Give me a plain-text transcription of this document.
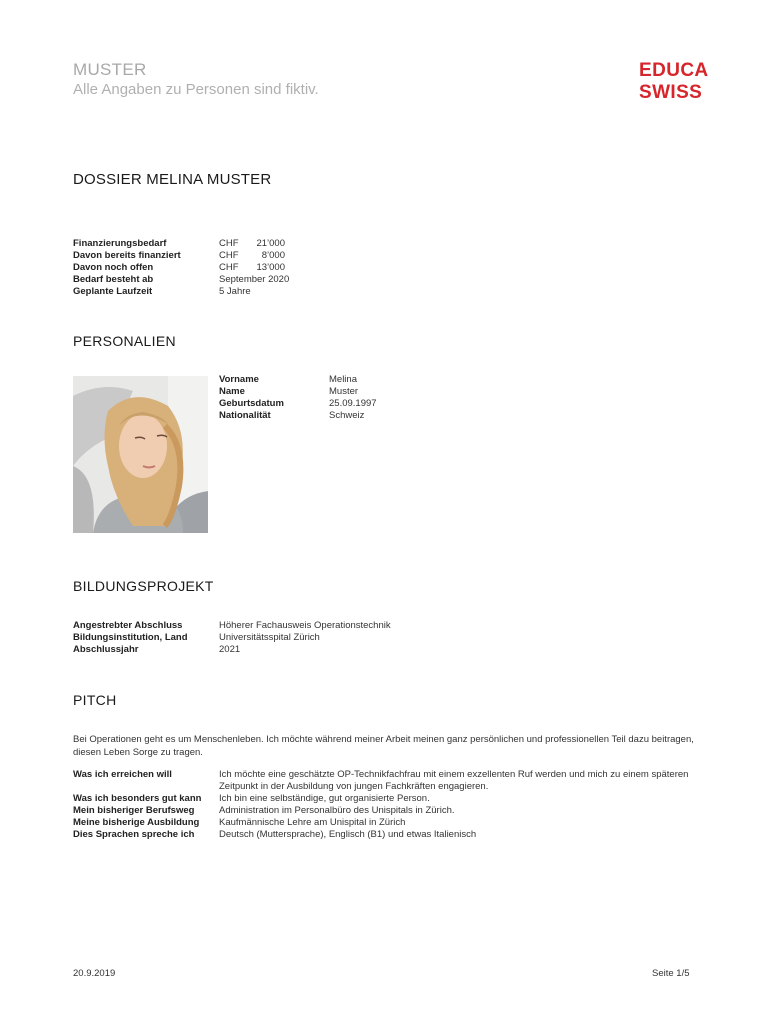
MUSTER
Alle Angaben zu Personen sind fiktiv.
EDUCA
SWISS
DOSSIER MELINA MUSTER
Finanzierungsbedarf	CHF 21’000
Davon bereits finanziert	CHF 8’000
Davon noch offen	CHF 13’000
Bedarf besteht ab	September 2020
Geplante Laufzeit	5 Jahre
PERSONALIEN
Vorname	Melina
Name	Muster
Geburtsdatum	25.09.1997
Nationalität	Schweiz
BILDUNGSPROJEKT
Angestrebter Abschluss	Höherer Fachausweis Operationstechnik
Bildungsinstitution, Land	Universitätsspital Zürich
Abschlussjahr	2021
PITCH
Bei Operationen geht es um Menschenleben. Ich möchte während meiner Arbeit meinen ganz persönlichen und professionellen Teil dazu beitragen, diesen Leben Sorge zu tragen.
Was ich erreichen will	Ich möchte eine geschätzte OP-Technikfachfrau mit einem exzellenten Ruf werden und mich zu einem späteren Zeitpunkt in der Ausbildung von jungen Fachkräften engagieren.
Was ich besonders gut kann	Ich bin eine selbständige, gut organisierte Person.
Mein bisheriger Berufsweg	Administration im Personalbüro des Unispitals in Zürich.
Meine bisherige Ausbildung	Kaufmännische Lehre am Unispital in Zürich
Dies Sprachen spreche ich	Deutsch (Muttersprache), Englisch (B1) und etwas Italienisch
20.9.2019	Seite 1/5
